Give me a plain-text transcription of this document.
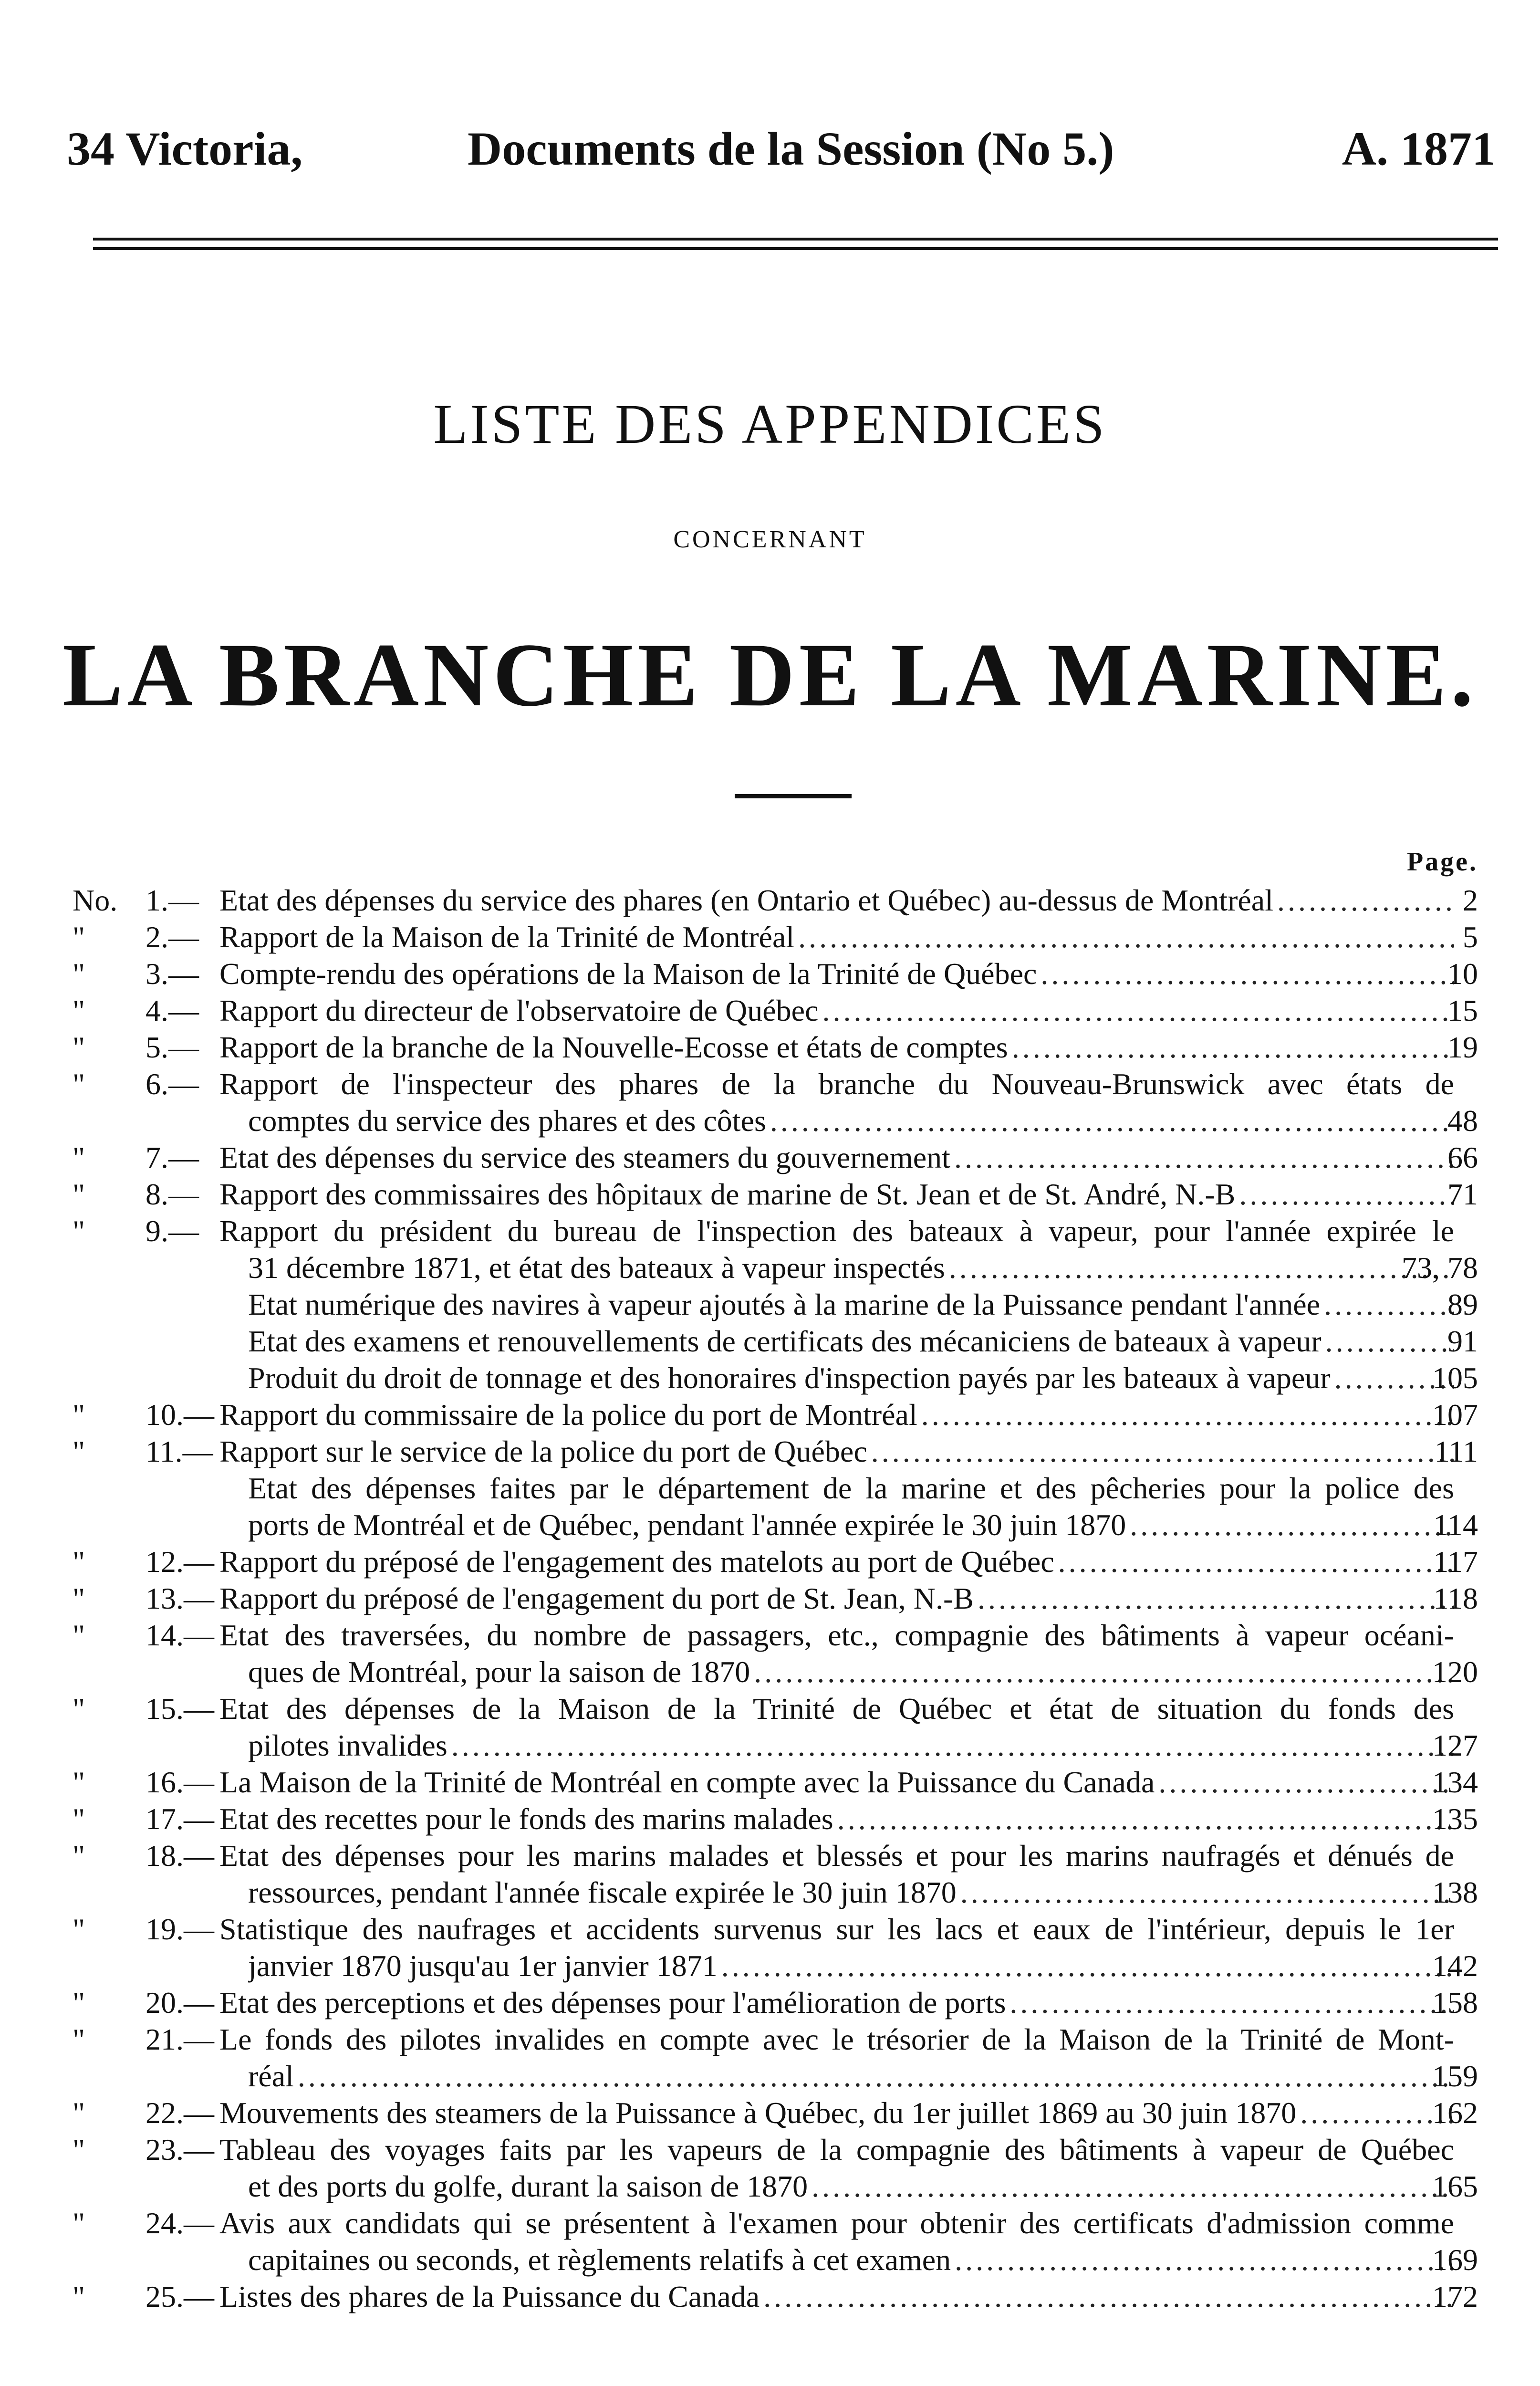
34 Victoria,	Documents de la Session (No 5.)	A. 1871
LISTE DES APPENDICES
CONCERNANT
LA BRANCHE DE LA MARINE.
Page.
No. 1.— Etat des dépenses du service des phares (en Ontario et Québec) au-dessus de Montréal .....	2
"	2.— Rapport de la Maison de la Trinité de Montréal .....	5
"	3.— Compte-rendu des opérations de la Maison de la Trinité de Québec .....	10
"	4.— Rapport du directeur de l'observatoire de Québec .....	15
"	5.— Rapport de la branche de la Nouvelle-Ecosse et états de comptes .....	19
"	6.— Rapport de l'inspecteur des phares de la branche du Nouveau-Brunswick avec états de
comptes du service des phares et des côtes .....	48
"	7.— Etat des dépenses du service des steamers du gouvernement .....	66
"	8.— Rapport des commissaires des hôpitaux de marine de St. Jean et de St. André, N.-B .....	71
"	9.— Rapport du président du bureau de l'inspection des bateaux à vapeur, pour l'année expirée le
31 décembre 1871, et état des bateaux à vapeur inspectés .....	73, 78
Etat numérique des navires à vapeur ajoutés à la marine de la Puissance pendant l'année .....	89
Etat des examens et renouvellements de certificats des mécaniciens de bateaux à vapeur .....	91
Produit du droit de tonnage et des honoraires d'inspection payés par les bateaux à vapeur .....	105
"	10.— Rapport du commissaire de la police du port de Montréal .....	107
"	11.— Rapport sur le service de la police du port de Québec .....	111
Etat des dépenses faites par le département de la marine et des pêcheries pour la police des
ports de Montréal et de Québec, pendant l'année expirée le 30 juin 1870 .....	114
"	12.— Rapport du préposé de l'engagement des matelots au port de Québec .....	117
"	13.— Rapport du préposé de l'engagement du port de St. Jean, N.-B .....	118
"	14.— Etat des traversées, du nombre de passagers, etc., compagnie des bâtiments à vapeur océani-
ques de Montréal, pour la saison de 1870 .....	120
"	15.— Etat des dépenses de la Maison de la Trinité de Québec et état de situation du fonds des
pilotes invalides .....	127
"	16.— La Maison de la Trinité de Montréal en compte avec la Puissance du Canada .....	134
"	17.— Etat des recettes pour le fonds des marins malades .....	135
"	18.— Etat des dépenses pour les marins malades et blessés et pour les marins naufragés et dénués de
ressources, pendant l'année fiscale expirée le 30 juin 1870 .....	138
"	19.— Statistique des naufrages et accidents survenus sur les lacs et eaux de l'intérieur, depuis le 1er
janvier 1870 jusqu'au 1er janvier 1871 .....	142
"	20.— Etat des perceptions et des dépenses pour l'amélioration de ports .....	158
"	21.— Le fonds des pilotes invalides en compte avec le trésorier de la Maison de la Trinité de Mont-
réal .....	159
"	22.— Mouvements des steamers de la Puissance à Québec, du 1er juillet 1869 au 30 juin 1870 .....	162
"	23.— Tableau des voyages faits par les vapeurs de la compagnie des bâtiments à vapeur de Québec
et des ports du golfe, durant la saison de 1870 .....	165
"	24.— Avis aux candidats qui se présentent à l'examen pour obtenir des certificats d'admission comme
capitaines ou seconds, et règlements relatifs à cet examen .....	169
"	25.— Listes des phares de la Puissance du Canada .....	172
